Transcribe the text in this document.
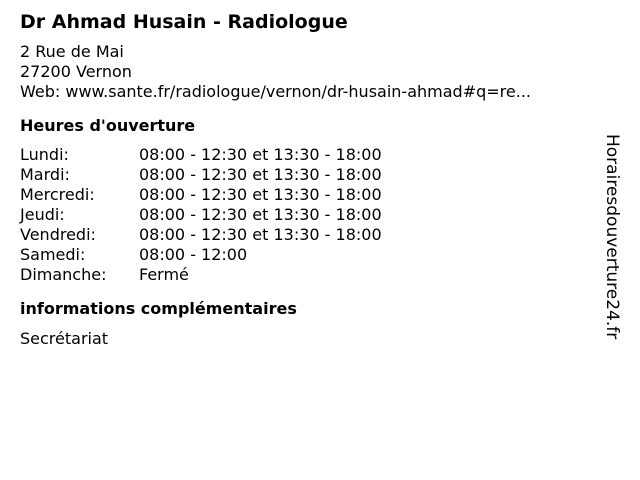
Dr Ahmad Husain - Radiologue
2 Rue de Mai
27200 Vernon
Web: www.sante.fr/radiologue/vernon/dr-husain-ahmad#q=re...
Heures d'ouverture
Lundi:	08:00 - 12:30 et 13:30 - 18:00
Mardi:	08:00 - 12:30 et 13:30 - 18:00
Mercredi:	08:00 - 12:30 et 13:30 - 18:00
Jeudi:	08:00 - 12:30 et 13:30 - 18:00
Vendredi:	08:00 - 12:30 et 13:30 - 18:00
Samedi:	08:00 - 12:00
Dimanche:	Fermé
informations complémentaires
Secrétariat	Horairesdouverture24.fr
